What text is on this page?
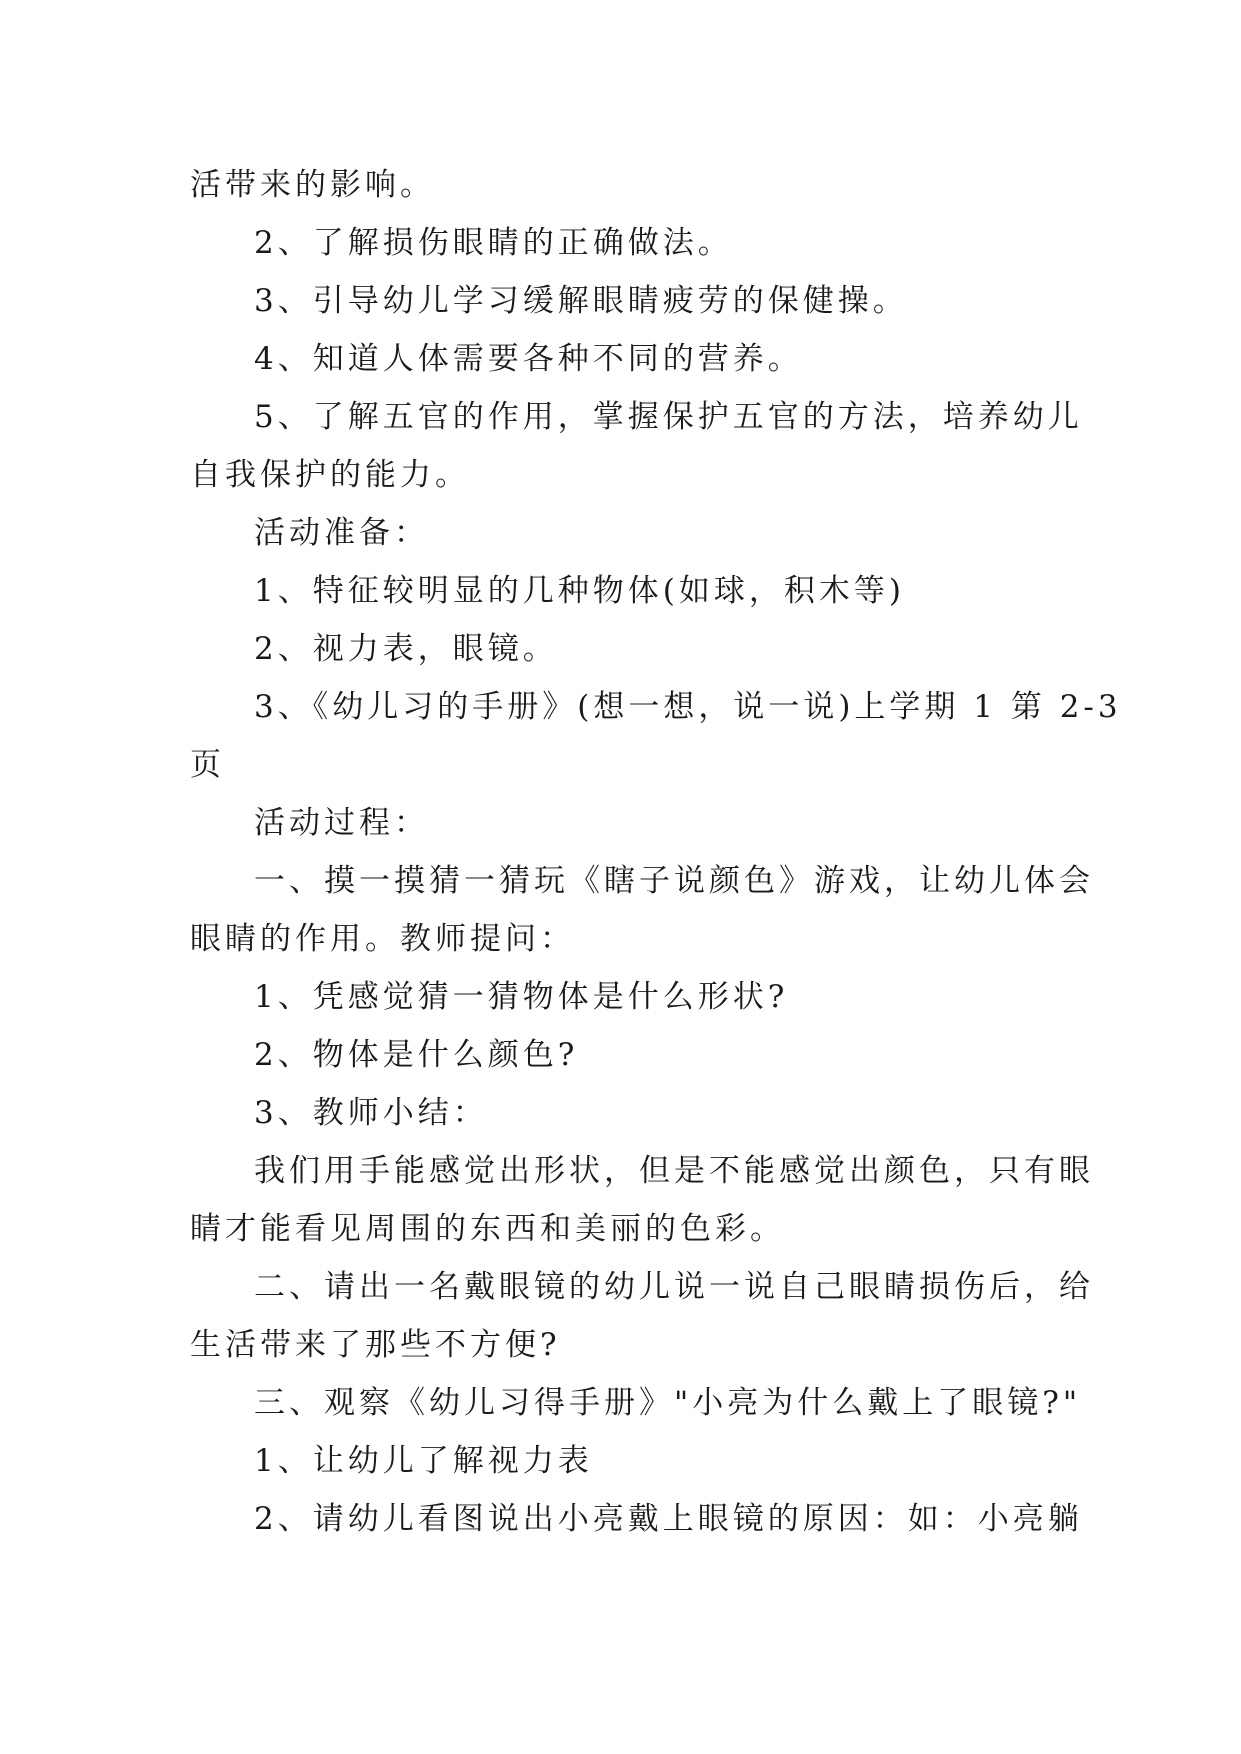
活带来的影响。
2、了解损伤眼睛的正确做法。
3、引导幼儿学习缓解眼睛疲劳的保健操。
4、知道人体需要各种不同的营养。
5、了解五官的作用，掌握保护五官的方法，培养幼儿
自我保护的能力。
活动准备：
1、特征较明显的几种物体(如球，积木等)
2、视力表，眼镜。
3、《幼儿习的手册》(想一想，说一说)上学期 1 第 2-3
页
活动过程：
一、摸一摸猜一猜玩《瞎子说颜色》游戏，让幼儿体会
眼睛的作用。教师提问：
1、凭感觉猜一猜物体是什么形状?
2、物体是什么颜色?
3、教师小结：
我们用手能感觉出形状，但是不能感觉出颜色，只有眼
睛才能看见周围的东西和美丽的色彩。
二、请出一名戴眼镜的幼儿说一说自己眼睛损伤后，给
生活带来了那些不方便?
三、观察《幼儿习得手册》"小亮为什么戴上了眼镜?"
1、让幼儿了解视力表
2、请幼儿看图说出小亮戴上眼镜的原因：如：小亮躺
